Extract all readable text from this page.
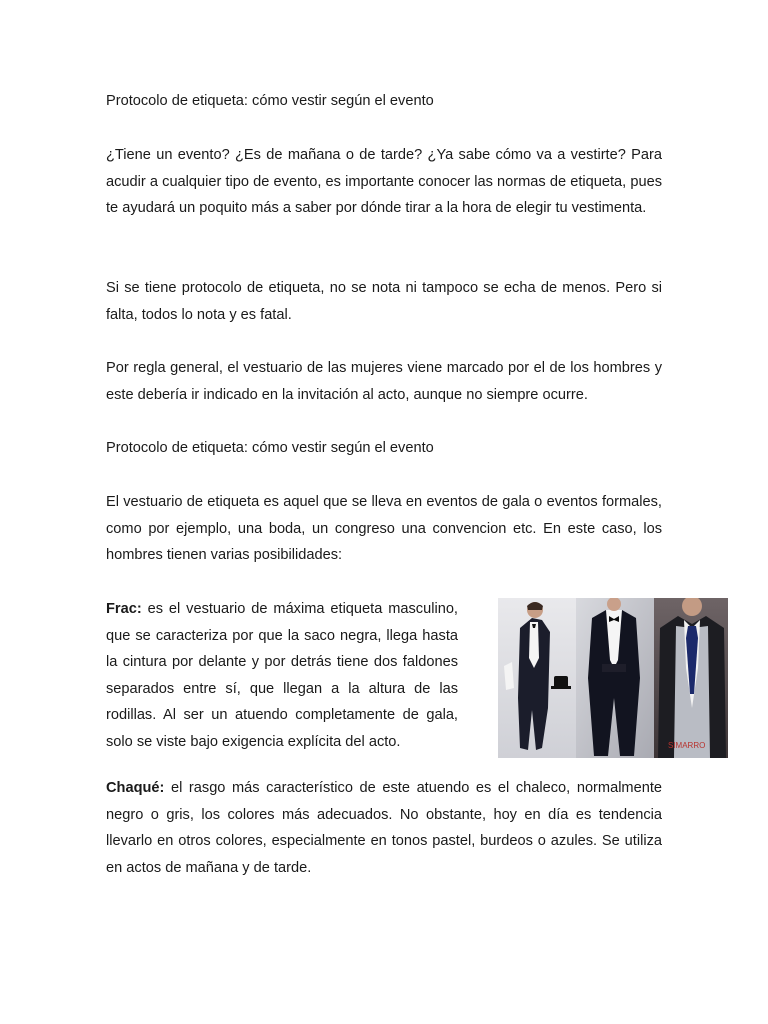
Protocolo de etiqueta: cómo vestir según el evento

¿Tiene un evento? ¿Es de mañana o de tarde? ¿Ya sabe cómo va a vestirte? Para acudir a cualquier tipo de evento, es importante conocer las normas de etiqueta, pues te ayudará un poquito más a saber por dónde tirar a la hora de elegir tu vestimenta.

Si se tiene protocolo de etiqueta, no se nota ni tampoco se echa de menos. Pero si falta, todos lo nota y es fatal.

Por regla general, el vestuario de las mujeres viene marcado por el de los hombres y este debería ir indicado en la invitación al acto, aunque no siempre ocurre.

Protocolo de etiqueta: cómo vestir según el evento

El vestuario de etiqueta es aquel que se lleva en eventos de gala o eventos formales, como por ejemplo, una boda, un congreso una convencion etc. En este caso, los hombres tienen varias posibilidades:

Frac: es el vestuario de máxima etiqueta masculino, que se caracteriza por que la saco negra, llega hasta la cintura por delante y por detrás tiene dos faldones separados entre sí, que llegan a la altura de las rodillas. Al ser un atuendo completamente de gala, solo se viste bajo exigencia explícita del acto.	SIMARRO

Chaqué: el rasgo más característico de este atuendo es el chaleco, normalmente negro o gris, los colores más adecuados. No obstante, hoy en día es tendencia llevarlo en otros colores, especialmente en tonos pastel, burdeos o azules. Se utiliza en actos de mañana y de tarde.
